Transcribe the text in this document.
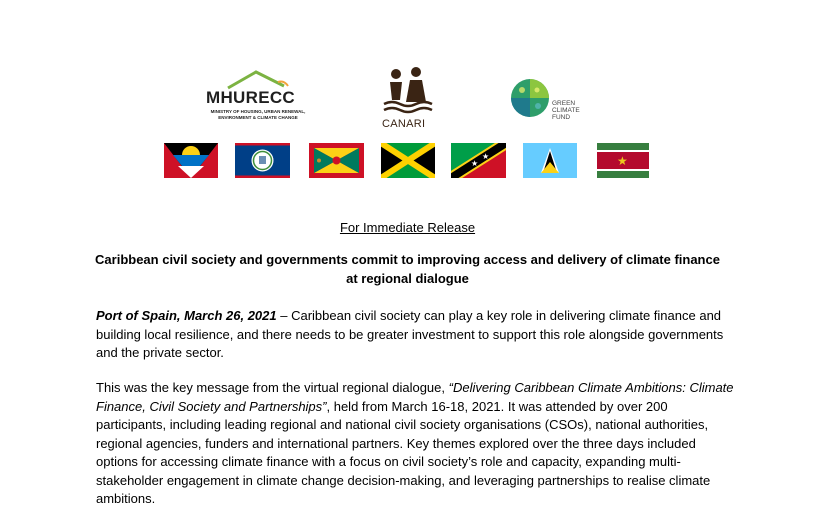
MHURECC
MINISTRY OF HOUSING, URBAN RENEWAL, ENVIRONMENT & CLIMATE CHANGE
CANARI
GREEN
CLIMATE
FUND
★
★	★
For Immediate Release
Caribbean civil society and governments commit to improving access and delivery of climate finance
at regional dialogue
Port of Spain, March 26, 2021 – Caribbean civil society can play a key role in delivering climate finance and building local resilience, and there needs to be greater investment to support this role alongside governments and the private sector.
This was the key message from the virtual regional dialogue, “Delivering Caribbean Climate Ambitions: Climate Finance, Civil Society and Partnerships”, held from March 16-18, 2021. It was attended by over 200 participants, including leading regional and national civil society organisations (CSOs), national authorities, regional agencies, funders and international partners. Key themes explored over the three days included options for accessing climate finance with a focus on civil society’s role and capacity, expanding multi-stakeholder engagement in climate change decision-making, and leveraging partnerships to realise climate ambitions.
